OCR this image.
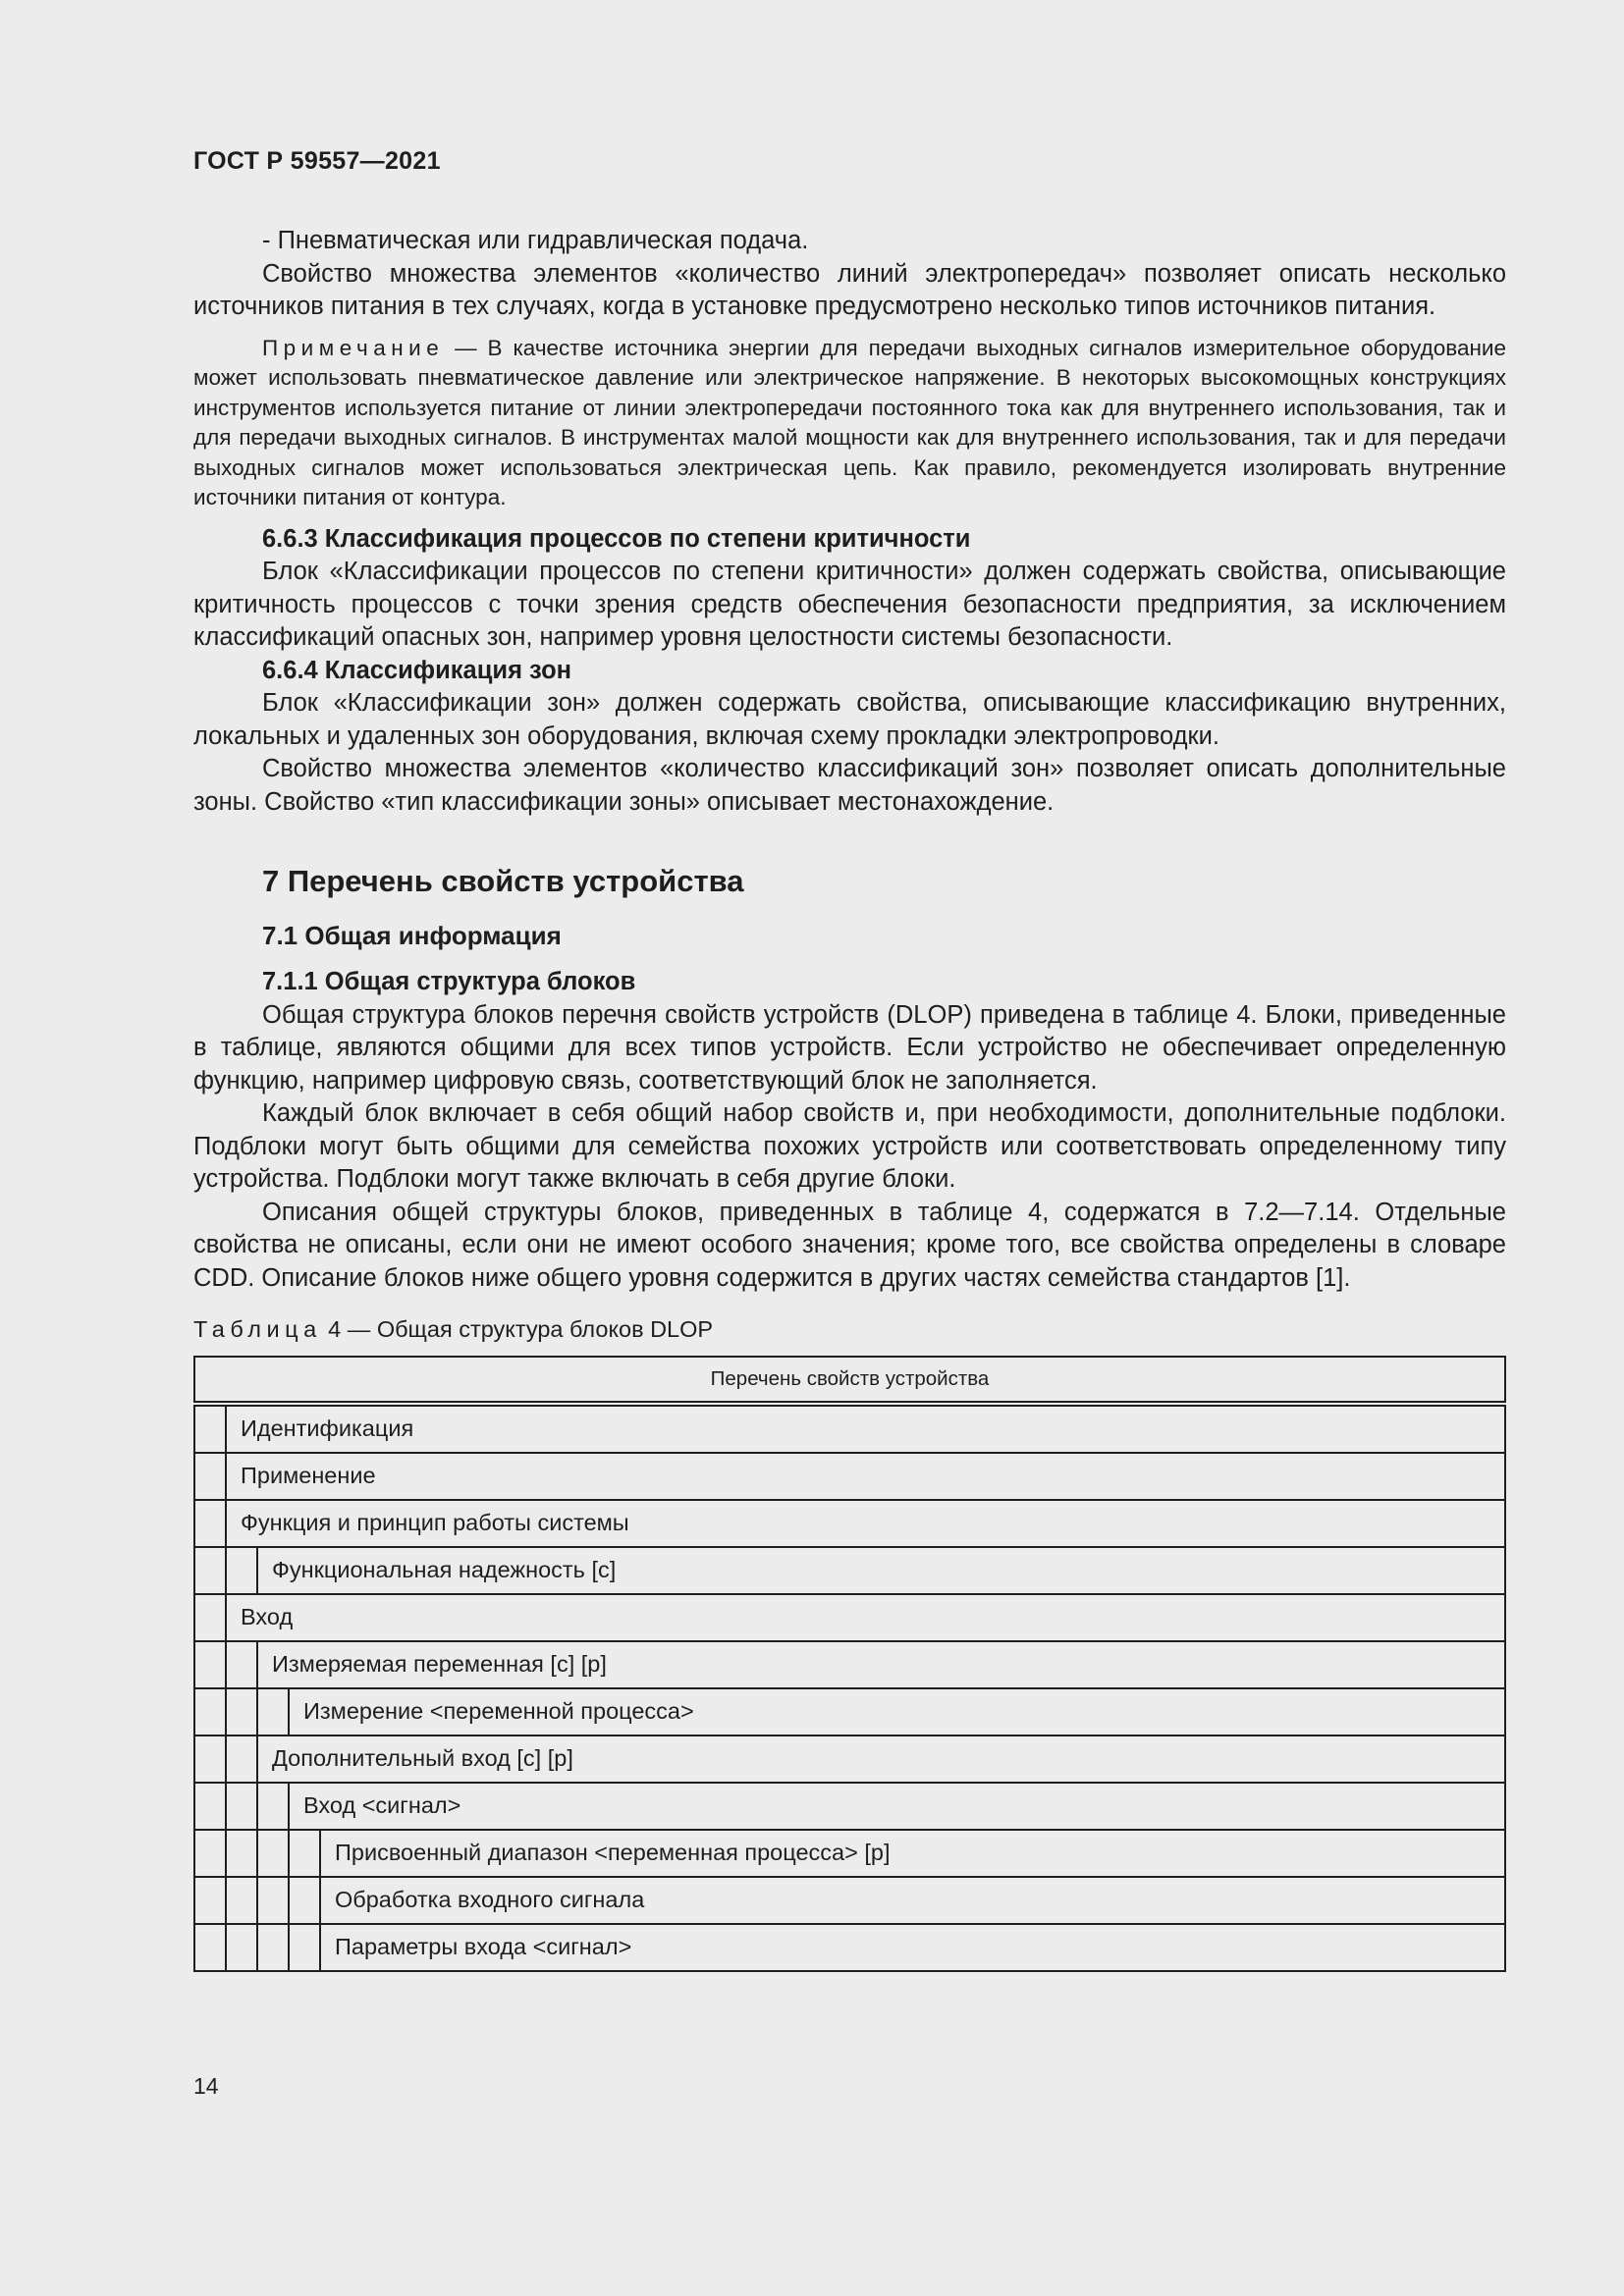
ГОСТ Р 59557—2021

- Пневматическая или гидравлическая подача.

Свойство множества элементов «количество линий электропередач» позволяет описать несколько источников питания в тех случаях, когда в установке предусмотрено несколько типов источников питания.

Примечание — В качестве источника энергии для передачи выходных сигналов измерительное оборудование может использовать пневматическое давление или электрическое напряжение. В некоторых высокомощных конструкциях инструментов используется питание от линии электропередачи постоянного тока как для внутреннего использования, так и для передачи выходных сигналов. В инструментах малой мощности как для внутреннего использования, так и для передачи выходных сигналов может использоваться электрическая цепь. Как правило, рекомендуется изолировать внутренние источники питания от контура.

6.6.3 Классификация процессов по степени критичности

Блок «Классификации процессов по степени критичности» должен содержать свойства, описывающие критичность процессов с точки зрения средств обеспечения безопасности предприятия, за исключением классификаций опасных зон, например уровня целостности системы безопасности.

6.6.4 Классификация зон

Блок «Классификации зон» должен содержать свойства, описывающие классификацию внутренних, локальных и удаленных зон оборудования, включая схему прокладки электропроводки.

Свойство множества элементов «количество классификаций зон» позволяет описать дополнительные зоны. Свойство «тип классификации зоны» описывает местонахождение.

7 Перечень свойств устройства
7.1 Общая информация

7.1.1 Общая структура блоков

Общая структура блоков перечня свойств устройств (DLOP) приведена в таблице 4. Блоки, приведенные в таблице, являются общими для всех типов устройств. Если устройство не обеспечивает определенную функцию, например цифровую связь, соответствующий блок не заполняется.

Каждый блок включает в себя общий набор свойств и, при необходимости, дополнительные подблоки. Подблоки могут быть общими для семейства похожих устройств или соответствовать определенному типу устройства. Подблоки могут также включать в себя другие блоки.

Описания общей структуры блоков, приведенных в таблице 4, содержатся в 7.2—7.14. Отдельные свойства не описаны, если они не имеют особого значения; кроме того, все свойства определены в словаре CDD. Описание блоков ниже общего уровня содержится в других частях семейства стандартов [1].

Таблица 4 — Общая структура блоков DLOP
Перечень свойств устройства				
	Идентификация			
	Применение			
	Функция и принцип работы системы			
		Функциональная надежность [c]		
	Вход			
		Измеряемая переменная [c] [p]		
			Измерение <переменной процесса>	
		Дополнительный вход [c] [p]		
			Вход <сигнал>	
				Присвоенный диапазон <переменная процесса> [p]
				Обработка входного сигнала
				Параметры входа <сигнал>
14
